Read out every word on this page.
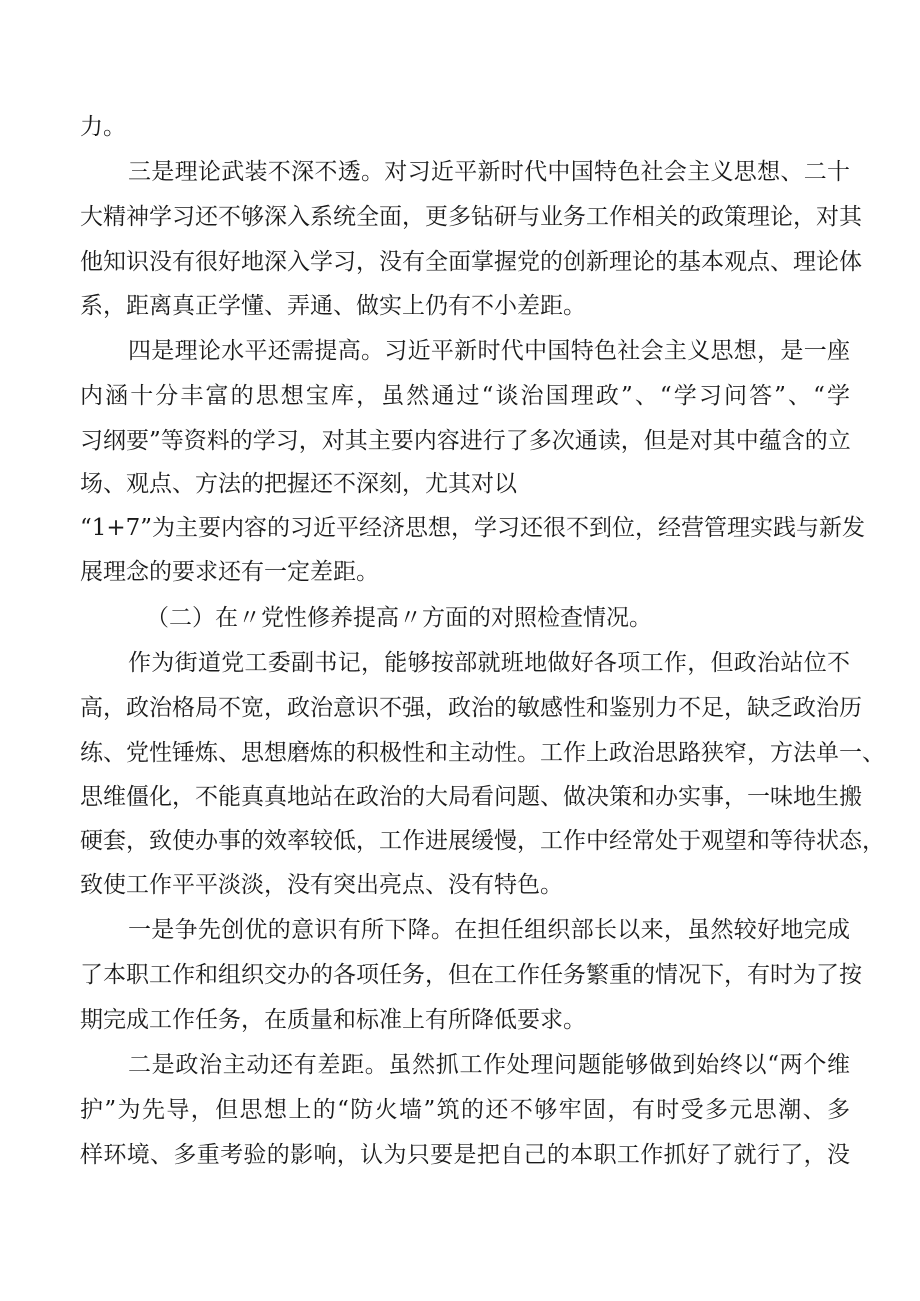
力。
三是理论武装不深不透。对习近平新时代中国特色社会主义思想、二十
大精神学习还不够深入系统全面，更多钻研与业务工作相关的政策理论，对其
他知识没有很好地深入学习，没有全面掌握党的创新理论的基本观点、理论体
系，距离真正学懂、弄通、做实上仍有不小差距。
四是理论水平还需提高。习近平新时代中国特色社会主义思想，是一座
内涵十分丰富的思想宝库，虽然通过“谈治国理政”、“学习问答”、“学
习纲要”等资料的学习，对其主要内容进行了多次通读，但是对其中蕴含的立
场、观点、方法的把握还不深刻，尤其对以
“1+7”为主要内容的习近平经济思想，学习还很不到位，经营管理实践与新发
展理念的要求还有一定差距。
（二）在〃党性修养提高〃方面的对照检查情况。
作为街道党工委副书记，能够按部就班地做好各项工作，但政治站位不
高，政治格局不宽，政治意识不强，政治的敏感性和鉴别力不足，缺乏政治历
练、党性锤炼、思想磨炼的积极性和主动性。工作上政治思路狭窄，方法单一、
思维僵化，不能真真地站在政治的大局看问题、做决策和办实事，一味地生搬
硬套，致使办事的效率较低，工作进展缓慢，工作中经常处于观望和等待状态，
致使工作平平淡淡，没有突出亮点、没有特色。
一是争先创优的意识有所下降。在担任组织部长以来，虽然较好地完成
了本职工作和组织交办的各项任务，但在工作任务繁重的情况下，有时为了按
期完成工作任务，在质量和标准上有所降低要求。
二是政治主动还有差距。虽然抓工作处理问题能够做到始终以“两个维
护”为先导，但思想上的“防火墙”筑的还不够牢固，有时受多元思潮、多
样环境、多重考验的影响，认为只要是把自己的本职工作抓好了就行了，没
